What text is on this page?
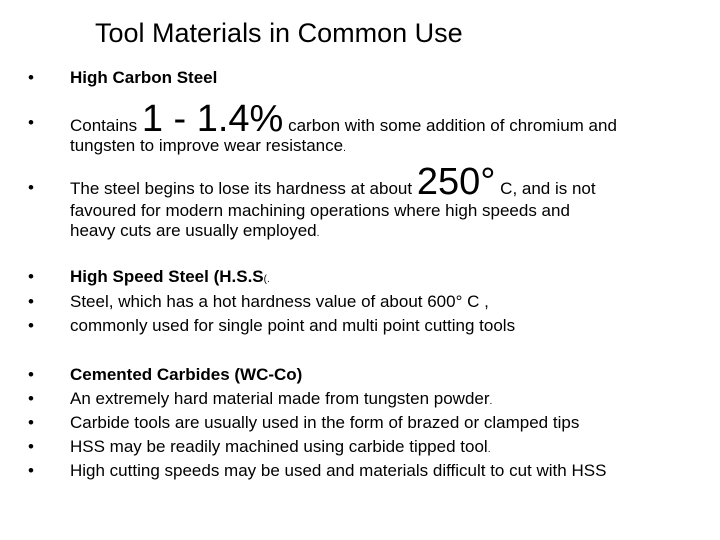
Tool Materials in Common Use
• High Carbon Steel
• Contains 1 - 1.4% carbon with some addition of chromium and
tungsten to improve wear resistance.
• The steel begins to lose its hardness at about 250° C, and is not
favoured for modern machining operations where high speeds and
heavy cuts are usually employed.
• High Speed Steel (H.S.S(.
• Steel, which has a hot hardness value of about 600° C ,
• commonly used for single point and multi point cutting tools
• Cemented Carbides (WC-Co)
• An extremely hard material made from tungsten powder.
• Carbide tools are usually used in the form of brazed or clamped tips
• HSS may be readily machined using carbide tipped tool.
• High cutting speeds may be used and materials difficult to cut with HSS
